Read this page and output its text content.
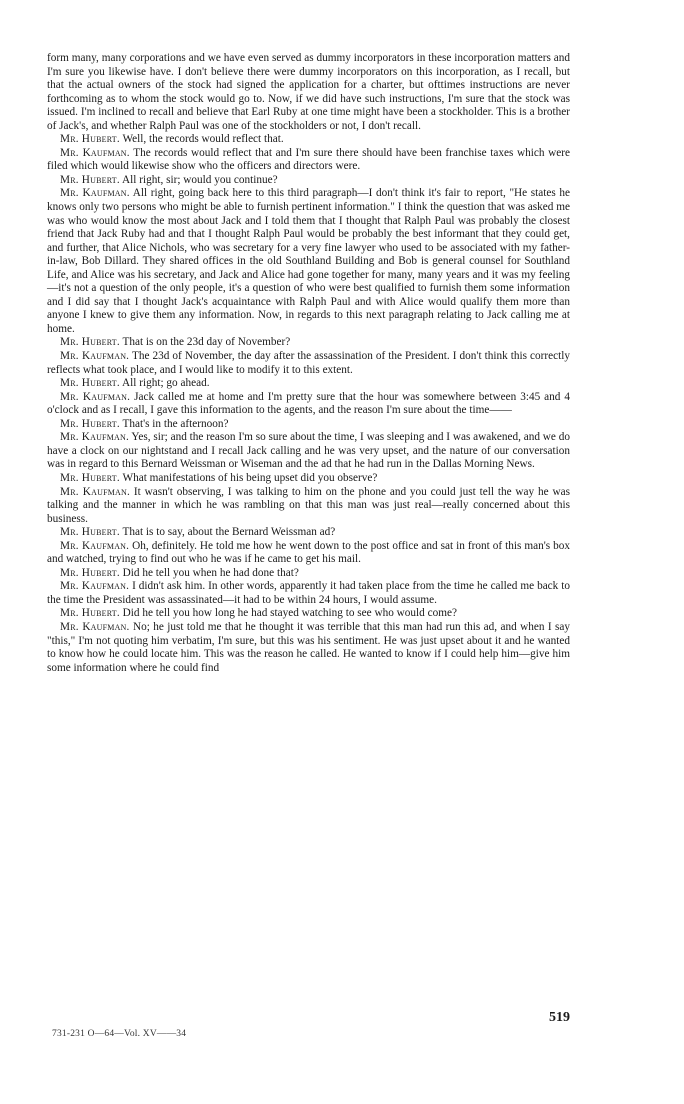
form many, many corporations and we have even served as dummy incorporators in these incorporation matters and I'm sure you likewise have. I don't believe there were dummy incorporators on this incorporation, as I recall, but that the actual owners of the stock had signed the application for a charter, but ofttimes instructions are never forthcoming as to whom the stock would go to. Now, if we did have such instructions, I'm sure that the stock was issued. I'm inclined to recall and believe that Earl Ruby at one time might have been a stockholder. This is a brother of Jack's, and whether Ralph Paul was one of the stockholders or not, I don't recall.

Mr. Hubert. Well, the records would reflect that.

Mr. Kaufman. The records would reflect that and I'm sure there should have been franchise taxes which were filed which would likewise show who the officers and directors were.

Mr. Hubert. All right, sir; would you continue?

Mr. Kaufman. All right, going back here to this third paragraph—I don't think it's fair to report, "He states he knows only two persons who might be able to furnish pertinent information." I think the question that was asked me was who would know the most about Jack and I told them that I thought that Ralph Paul was probably the closest friend that Jack Ruby had and that I thought Ralph Paul would be probably the best informant that they could get, and further, that Alice Nichols, who was secretary for a very fine lawyer who used to be associated with my father-in-law, Bob Dillard. They shared offices in the old Southland Building and Bob is general counsel for Southland Life, and Alice was his secretary, and Jack and Alice had gone together for many, many years and it was my feeling—it's not a question of the only people, it's a question of who were best qualified to furnish them some information and I did say that I thought Jack's acquaintance with Ralph Paul and with Alice would qualify them more than anyone I knew to give them any information. Now, in regards to this next paragraph relating to Jack calling me at home.

Mr. Hubert. That is on the 23d day of November?

Mr. Kaufman. The 23d of November, the day after the assassination of the President. I don't think this correctly reflects what took place, and I would like to modify it to this extent.

Mr. Hubert. All right; go ahead.

Mr. Kaufman. Jack called me at home and I'm pretty sure that the hour was somewhere between 3:45 and 4 o'clock and as I recall, I gave this information to the agents, and the reason I'm sure about the time——

Mr. Hubert. That's in the afternoon?

Mr. Kaufman. Yes, sir; and the reason I'm so sure about the time, I was sleeping and I was awakened, and we do have a clock on our nightstand and I recall Jack calling and he was very upset, and the nature of our conversation was in regard to this Bernard Weissman or Wiseman and the ad that he had run in the Dallas Morning News.

Mr. Hubert. What manifestations of his being upset did you observe?

Mr. Kaufman. It wasn't observing, I was talking to him on the phone and you could just tell the way he was talking and the manner in which he was rambling on that this man was just real—really concerned about this business.

Mr. Hubert. That is to say, about the Bernard Weissman ad?

Mr. Kaufman. Oh, definitely. He told me how he went down to the post office and sat in front of this man's box and watched, trying to find out who he was if he came to get his mail.

Mr. Hubert. Did he tell you when he had done that?

Mr. Kaufman. I didn't ask him. In other words, apparently it had taken place from the time he called me back to the time the President was assassinated—it had to be within 24 hours, I would assume.

Mr. Hubert. Did he tell you how long he had stayed watching to see who would come?

Mr. Kaufman. No; he just told me that he thought it was terrible that this man had run this ad, and when I say "this," I'm not quoting him verbatim, I'm sure, but this was his sentiment. He was just upset about it and he wanted to know how he could locate him. This was the reason he called. He wanted to know if I could help him—give him some information where he could find

519
731-231 O—64—Vol. XV——34
